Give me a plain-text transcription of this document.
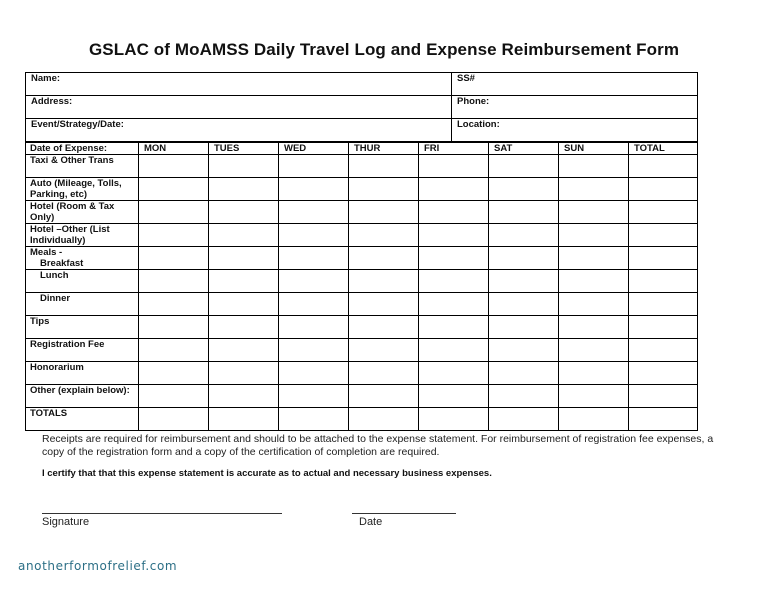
GSLAC of MoAMSS Daily Travel Log and Expense Reimbursement Form
Name:	SS#
Address:	Phone:
Event/Strategy/Date:	Location:
Date of Expense:	MON	TUES	WED	THUR	FRI	SAT	SUN	TOTAL

Taxi & Other Trans								

Auto (Mileage, Tolls, Parking, etc)								

Hotel (Room & Tax Only)								

Hotel –Other (List Individually)								

Meals -
Breakfast								
Lunch								
Dinner								

Tips								

Registration Fee								

Honorarium								

Other (explain below):								

TOTALS								

Receipts are required for reimbursement and should to be attached to the expense statement. For reimbursement of registration fee expenses, a copy of the registration form and a copy of the certification of completion are required.
I certify that that this expense statement is accurate as to actual and necessary business expenses.
Signature	Date
anotherformofrelief.com
